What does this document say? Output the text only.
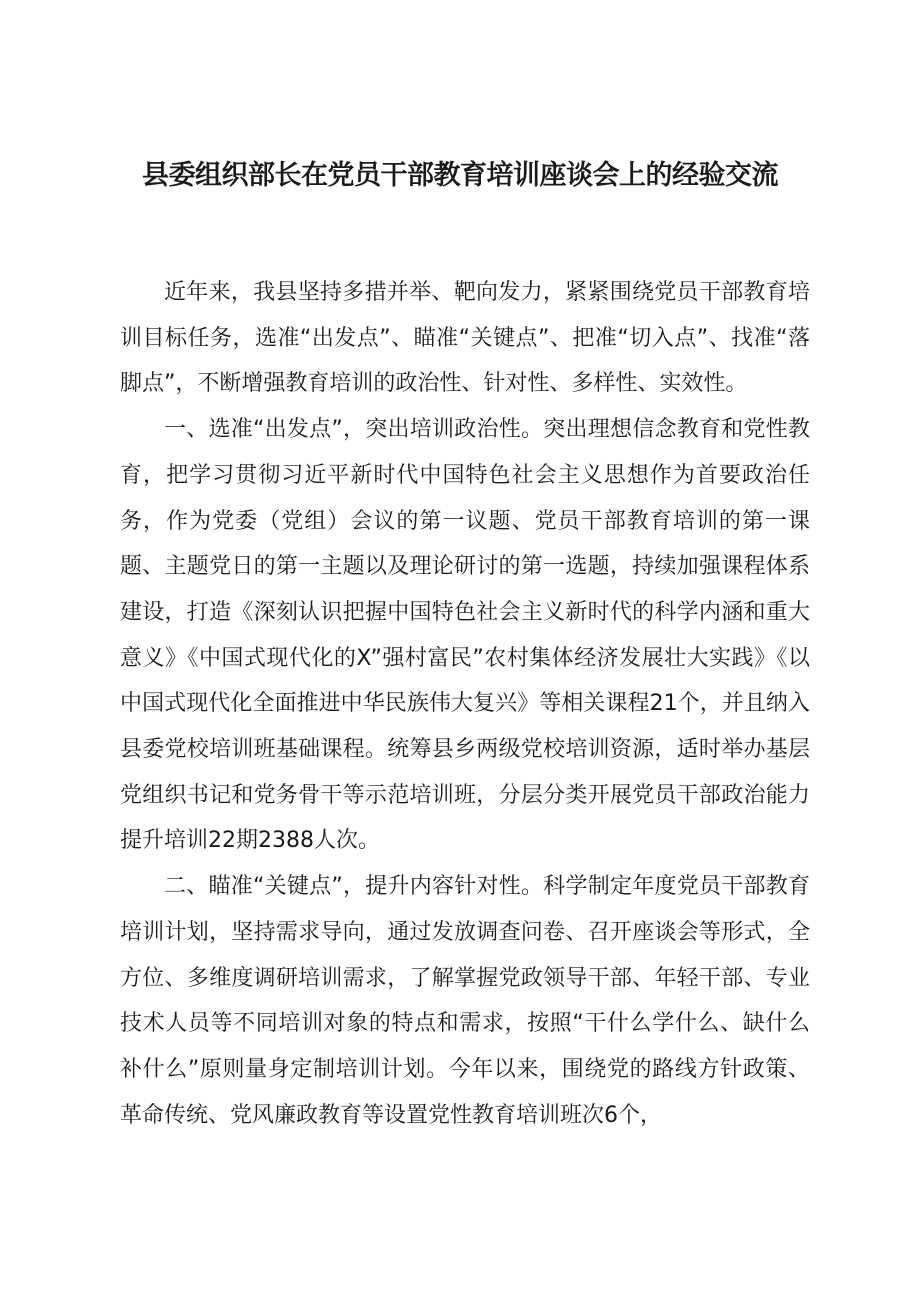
县委组织部长在党员干部教育培训座谈会上的经验交流

近年来，我县坚持多措并举、靶向发力，紧紧围绕党员干部教育培训目标任务，选准“出发点”、瞄准“关键点”、把准“切入点”、找准“落脚点”，不断增强教育培训的政治性、针对性、多样性、实效性。

一、选准“出发点”，突出培训政治性。突出理想信念教育和党性教育，把学习贯彻习近平新时代中国特色社会主义思想作为首要政治任务，作为党委（党组）会议的第一议题、党员干部教育培训的第一课题、主题党日的第一主题以及理论研讨的第一选题，持续加强课程体系建设，打造《深刻认识把握中国特色社会主义新时代的科学内涵和重大意义》《中国式现代化的X”强村富民”农村集体经济发展壮大实践》《以中国式现代化全面推进中华民族伟大复兴》等相关课程21个，并且纳入县委党校培训班基础课程。统筹县乡两级党校培训资源，适时举办基层党组织书记和党务骨干等示范培训班，分层分类开展党员干部政治能力提升培训22期2388人次。

二、瞄准“关键点”，提升内容针对性。科学制定年度党员干部教育培训计划，坚持需求导向，通过发放调查问卷、召开座谈会等形式，全方位、多维度调研培训需求，了解掌握党政领导干部、年轻干部、专业技术人员等不同培训对象的特点和需求，按照“干什么学什么、缺什么补什么”原则量身定制培训计划。今年以来，围绕党的路线方针政策、革命传统、党风廉政教育等设置党性教育培训班次6个，
